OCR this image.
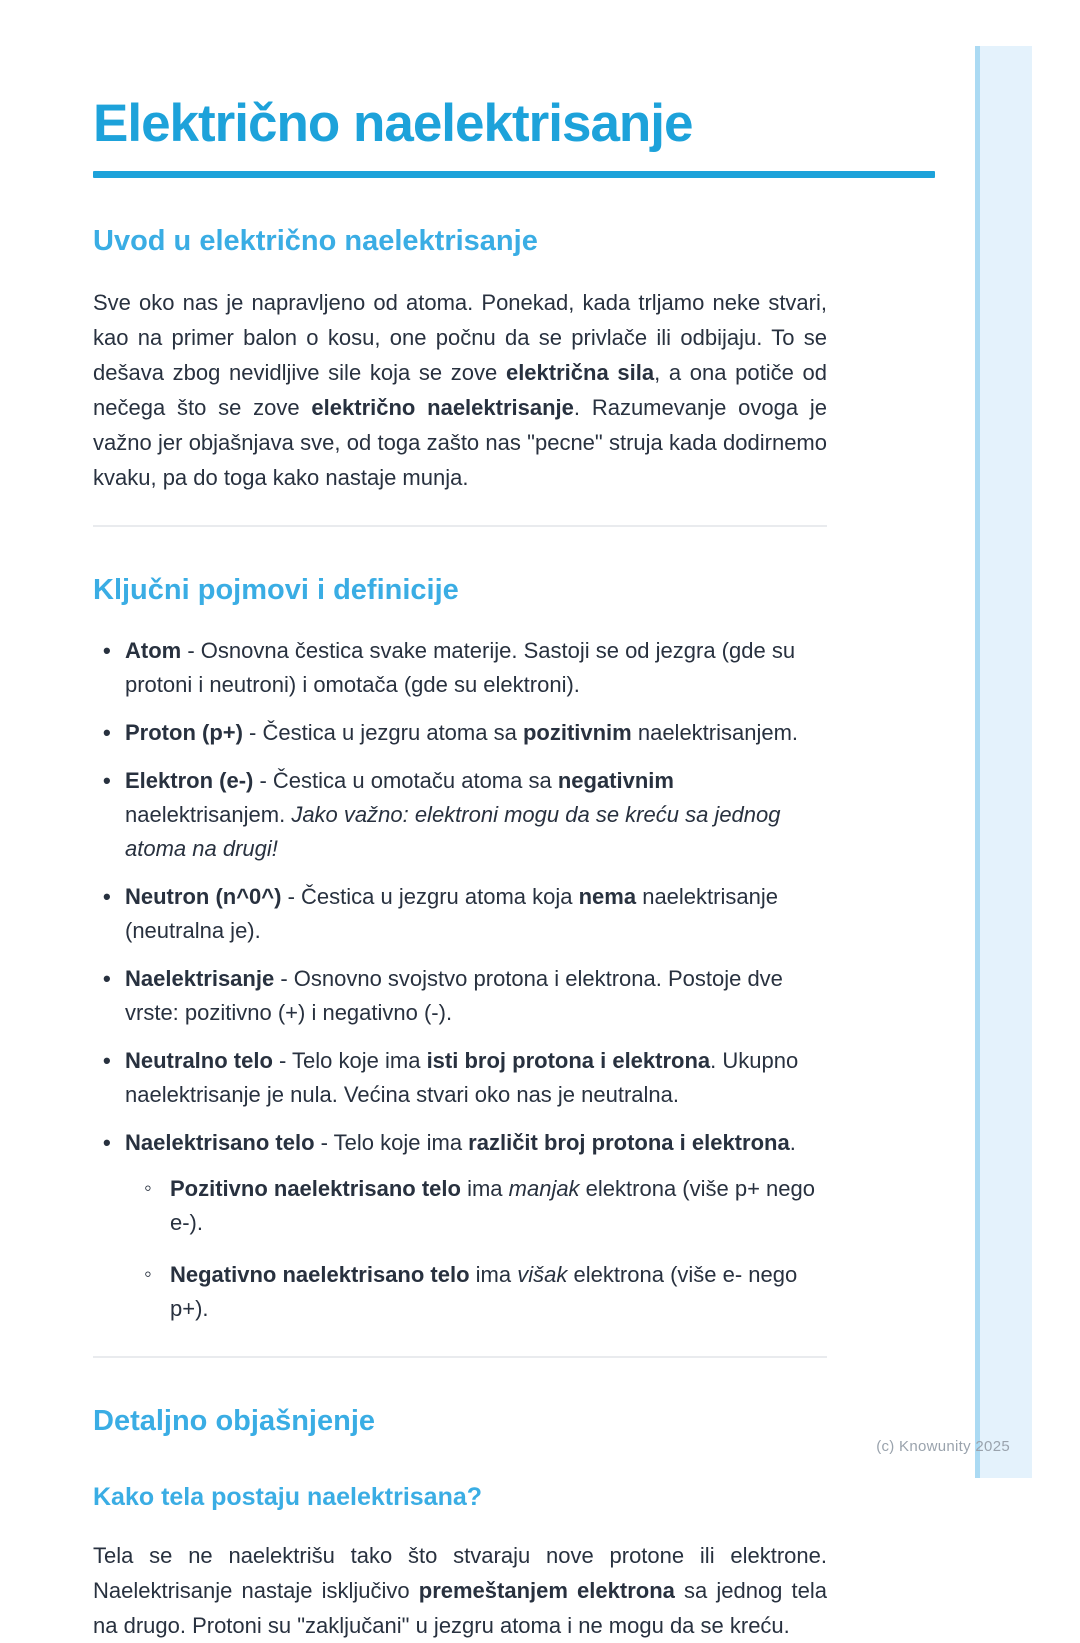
Električno naelektrisanje
Uvod u električno naelektrisanje

Sve oko nas je napravljeno od atoma. Ponekad, kada trljamo neke stvari, kao na primer balon o kosu, one počnu da se privlače ili odbijaju. To se dešava zbog nevidljive sile koja se zove električna sila, a ona potiče od nečega što se zove električno naelektrisanje. Razumevanje ovoga je važno jer objašnjava sve, od toga zašto nas "pecne" struja kada dodirnemo kvaku, pa do toga kako nastaje munja.

Ključni pojmovi i definicije
• Atom - Osnovna čestica svake materije. Sastoji se od jezgra (gde su protoni i neutroni) i omotača (gde su elektroni).
• Proton (p+) - Čestica u jezgru atoma sa pozitivnim naelektrisanjem.
• Elektron (e-) - Čestica u omotaču atoma sa negativnim naelektrisanjem. Jako važno: elektroni mogu da se kreću sa jednog atoma na drugi!
• Neutron (n^0^) - Čestica u jezgru atoma koja nema naelektrisanje (neutralna je).
• Naelektrisanje - Osnovno svojstvo protona i elektrona. Postoje dve vrste: pozitivno (+) i negativno (-).
• Neutralno telo - Telo koje ima isti broj protona i elektrona. Ukupno naelektrisanje je nula. Većina stvari oko nas je neutralna.
• Naelektrisano telo - Telo koje ima različit broj protona i elektrona.
◦ Pozitivno naelektrisano telo ima manjak elektrona (više p+ nego e-).
◦ Negativno naelektrisano telo ima višak elektrona (više e- nego p+).
Detaljno objašnjenje
Kako tela postaju naelektrisana?

Tela se ne naelektrišu tako što stvaraju nove protone ili elektrone. Naelektrisanje nastaje isključivo premeštanjem elektrona sa jednog tela na drugo. Protoni su "zaključani" u jezgru atoma i ne mogu da se kreću.

(c) Knowunity 2025
